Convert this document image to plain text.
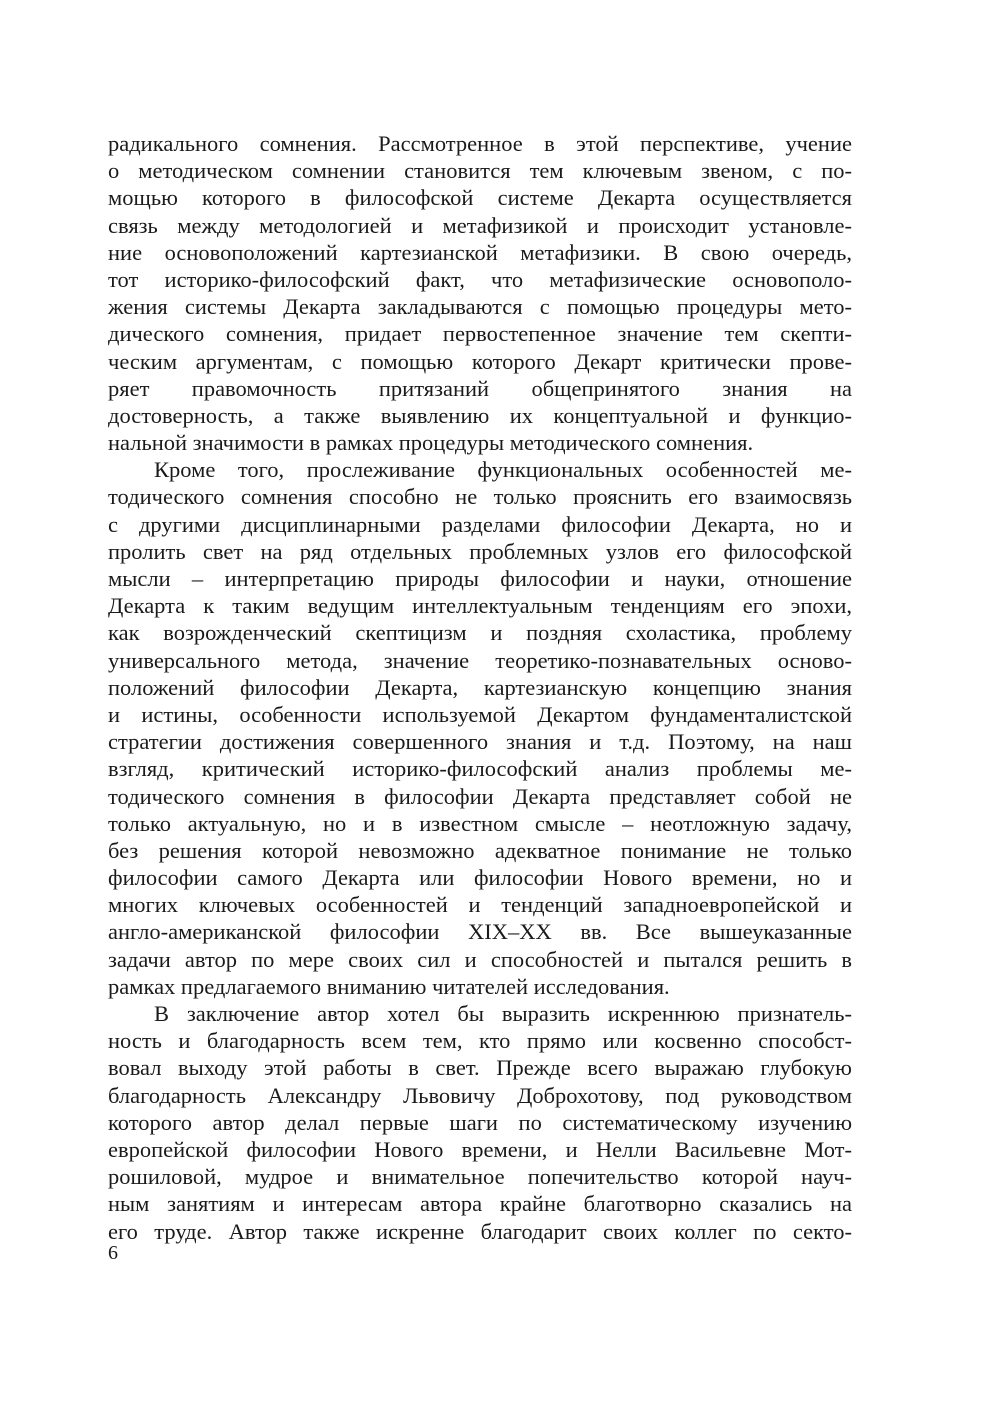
радикального сомнения. Рассмотренное в этой перспективе, учение
о методическом сомнении становится тем ключевым звеном, с по-
мощью которого в философской системе Декарта осуществляется
связь между методологией и метафизикой и происходит установле-
ние основоположений картезианской метафизики. В свою очередь,
тот историко-философский факт, что метафизические основополо-
жения системы Декарта закладываются с помощью процедуры мето-
дического сомнения, придает первостепенное значение тем скепти-
ческим аргументам, с помощью которого Декарт критически прове-
ряет правомочность притязаний общепринятого знания на
достоверность, а также выявлению их концептуальной и функцио-
нальной значимости в рамках процедуры методического сомнения.
Кроме того, прослеживание функциональных особенностей ме-
тодического сомнения способно не только прояснить его взаимосвязь
с другими дисциплинарными разделами философии Декарта, но и
пролить свет на ряд отдельных проблемных узлов его философской
мысли – интерпретацию природы философии и науки, отношение
Декарта к таким ведущим интеллектуальным тенденциям его эпохи,
как возрожденческий скептицизм и поздняя схоластика, проблему
универсального метода, значение теоретико-познавательных осново-
положений философии Декарта, картезианскую концепцию знания
и истины, особенности используемой Декартом фундаменталистской
стратегии достижения совершенного знания и т.д. Поэтому, на наш
взгляд, критический историко-философский анализ проблемы ме-
тодического сомнения в философии Декарта представляет собой не
только актуальную, но и в известном смысле – неотложную задачу,
без решения которой невозможно адекватное понимание не только
философии самого Декарта или философии Нового времени, но и
многих ключевых особенностей и тенденций западноевропейской и
англо-американской философии XIX–XX вв. Все вышеуказанные
задачи автор по мере своих сил и способностей и пытался решить в
рамках предлагаемого вниманию читателей исследования.
В заключение автор хотел бы выразить искреннюю признатель-
ность и благодарность всем тем, кто прямо или косвенно способст-
вовал выходу этой работы в свет. Прежде всего выражаю глубокую
благодарность Александру Львовичу Доброхотову, под руководством
которого автор делал первые шаги по систематическому изучению
европейской философии Нового времени, и Нелли Васильевне Мот-
рошиловой, мудрое и внимательное попечительство которой науч-
ным занятиям и интересам автора крайне благотворно сказались на
его труде. Автор также искренне благодарит своих коллег по секто-
6
